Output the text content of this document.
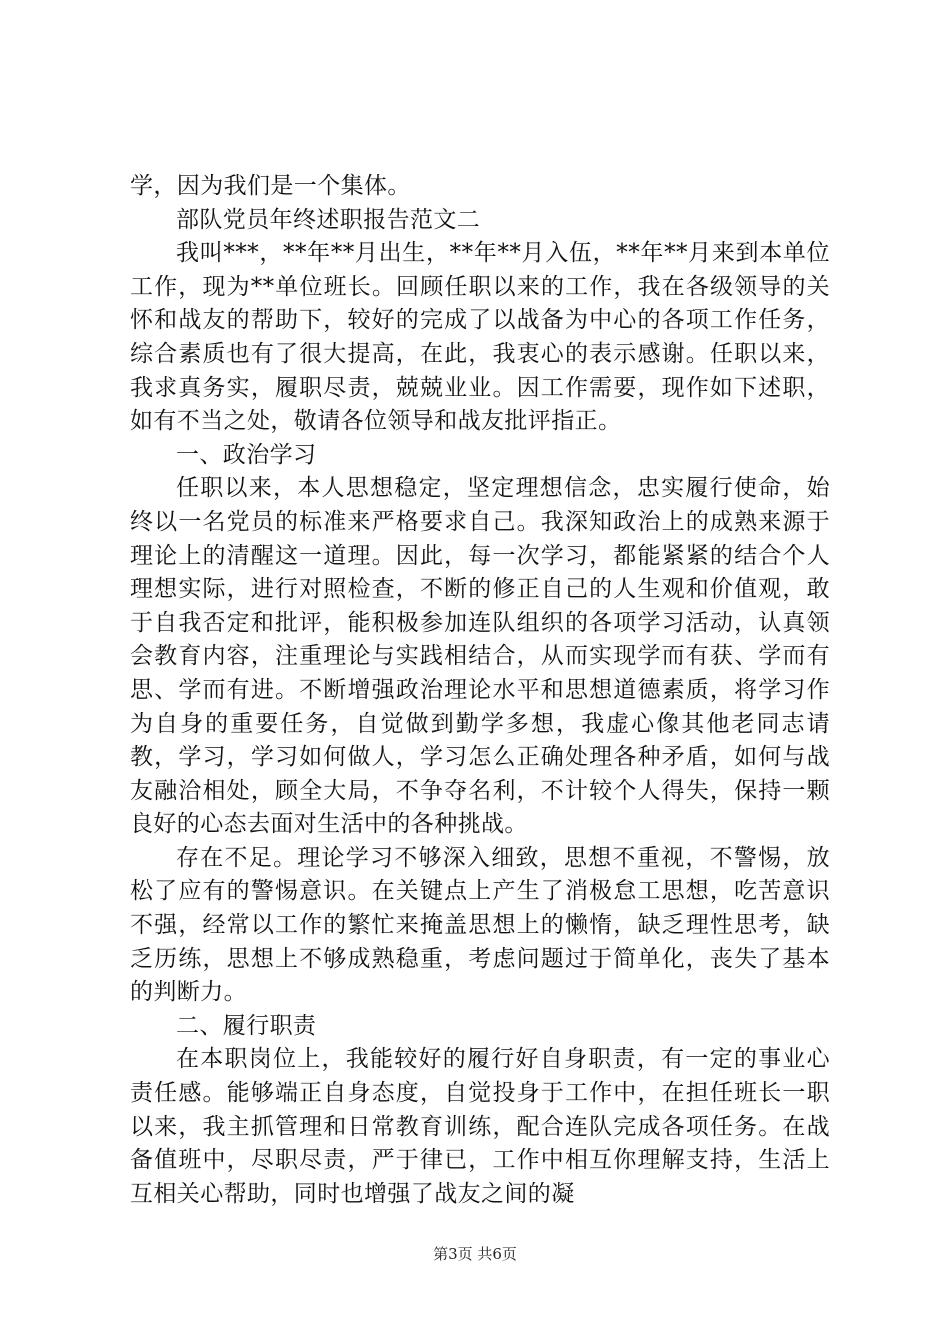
学，因为我们是一个集体。

部队党员年终述职报告范文二

我叫***，**年**月出生，**年**月入伍，**年**月来到本单位工作，现为**单位班长。回顾任职以来的工作，我在各级领导的关怀和战友的帮助下，较好的完成了以战备为中心的各项工作任务，综合素质也有了很大提高，在此，我衷心的表示感谢。任职以来，我求真务实，履职尽责，兢兢业业。因工作需要，现作如下述职，如有不当之处，敬请各位领导和战友批评指正。

一、政治学习

任职以来，本人思想稳定，坚定理想信念，忠实履行使命，始终以一名党员的标准来严格要求自己。我深知政治上的成熟来源于理论上的清醒这一道理。因此，每一次学习，都能紧紧的结合个人理想实际，进行对照检查，不断的修正自己的人生观和价值观，敢于自我否定和批评，能积极参加连队组织的各项学习活动，认真领会教育内容，注重理论与实践相结合，从而实现学而有获、学而有思、学而有进。不断增强政治理论水平和思想道德素质，将学习作为自身的重要任务，自觉做到勤学多想，我虚心像其他老同志请教，学习，学习如何做人，学习怎么正确处理各种矛盾，如何与战友融洽相处，顾全大局，不争夺名利，不计较个人得失，保持一颗良好的心态去面对生活中的各种挑战。

存在不足。理论学习不够深入细致，思想不重视，不警惕，放松了应有的警惕意识。在关键点上产生了消极怠工思想，吃苦意识不强，经常以工作的繁忙来掩盖思想上的懒惰，缺乏理性思考，缺乏历练，思想上不够成熟稳重，考虑问题过于简单化，丧失了基本的判断力。

二、履行职责

在本职岗位上，我能较好的履行好自身职责，有一定的事业心责任感。能够端正自身态度，自觉投身于工作中，在担任班长一职以来，我主抓管理和日常教育训练，配合连队完成各项任务。在战备值班中，尽职尽责，严于律已，工作中相互你理解支持，生活上互相关心帮助，同时也增强了战友之间的凝

第3页 共6页
